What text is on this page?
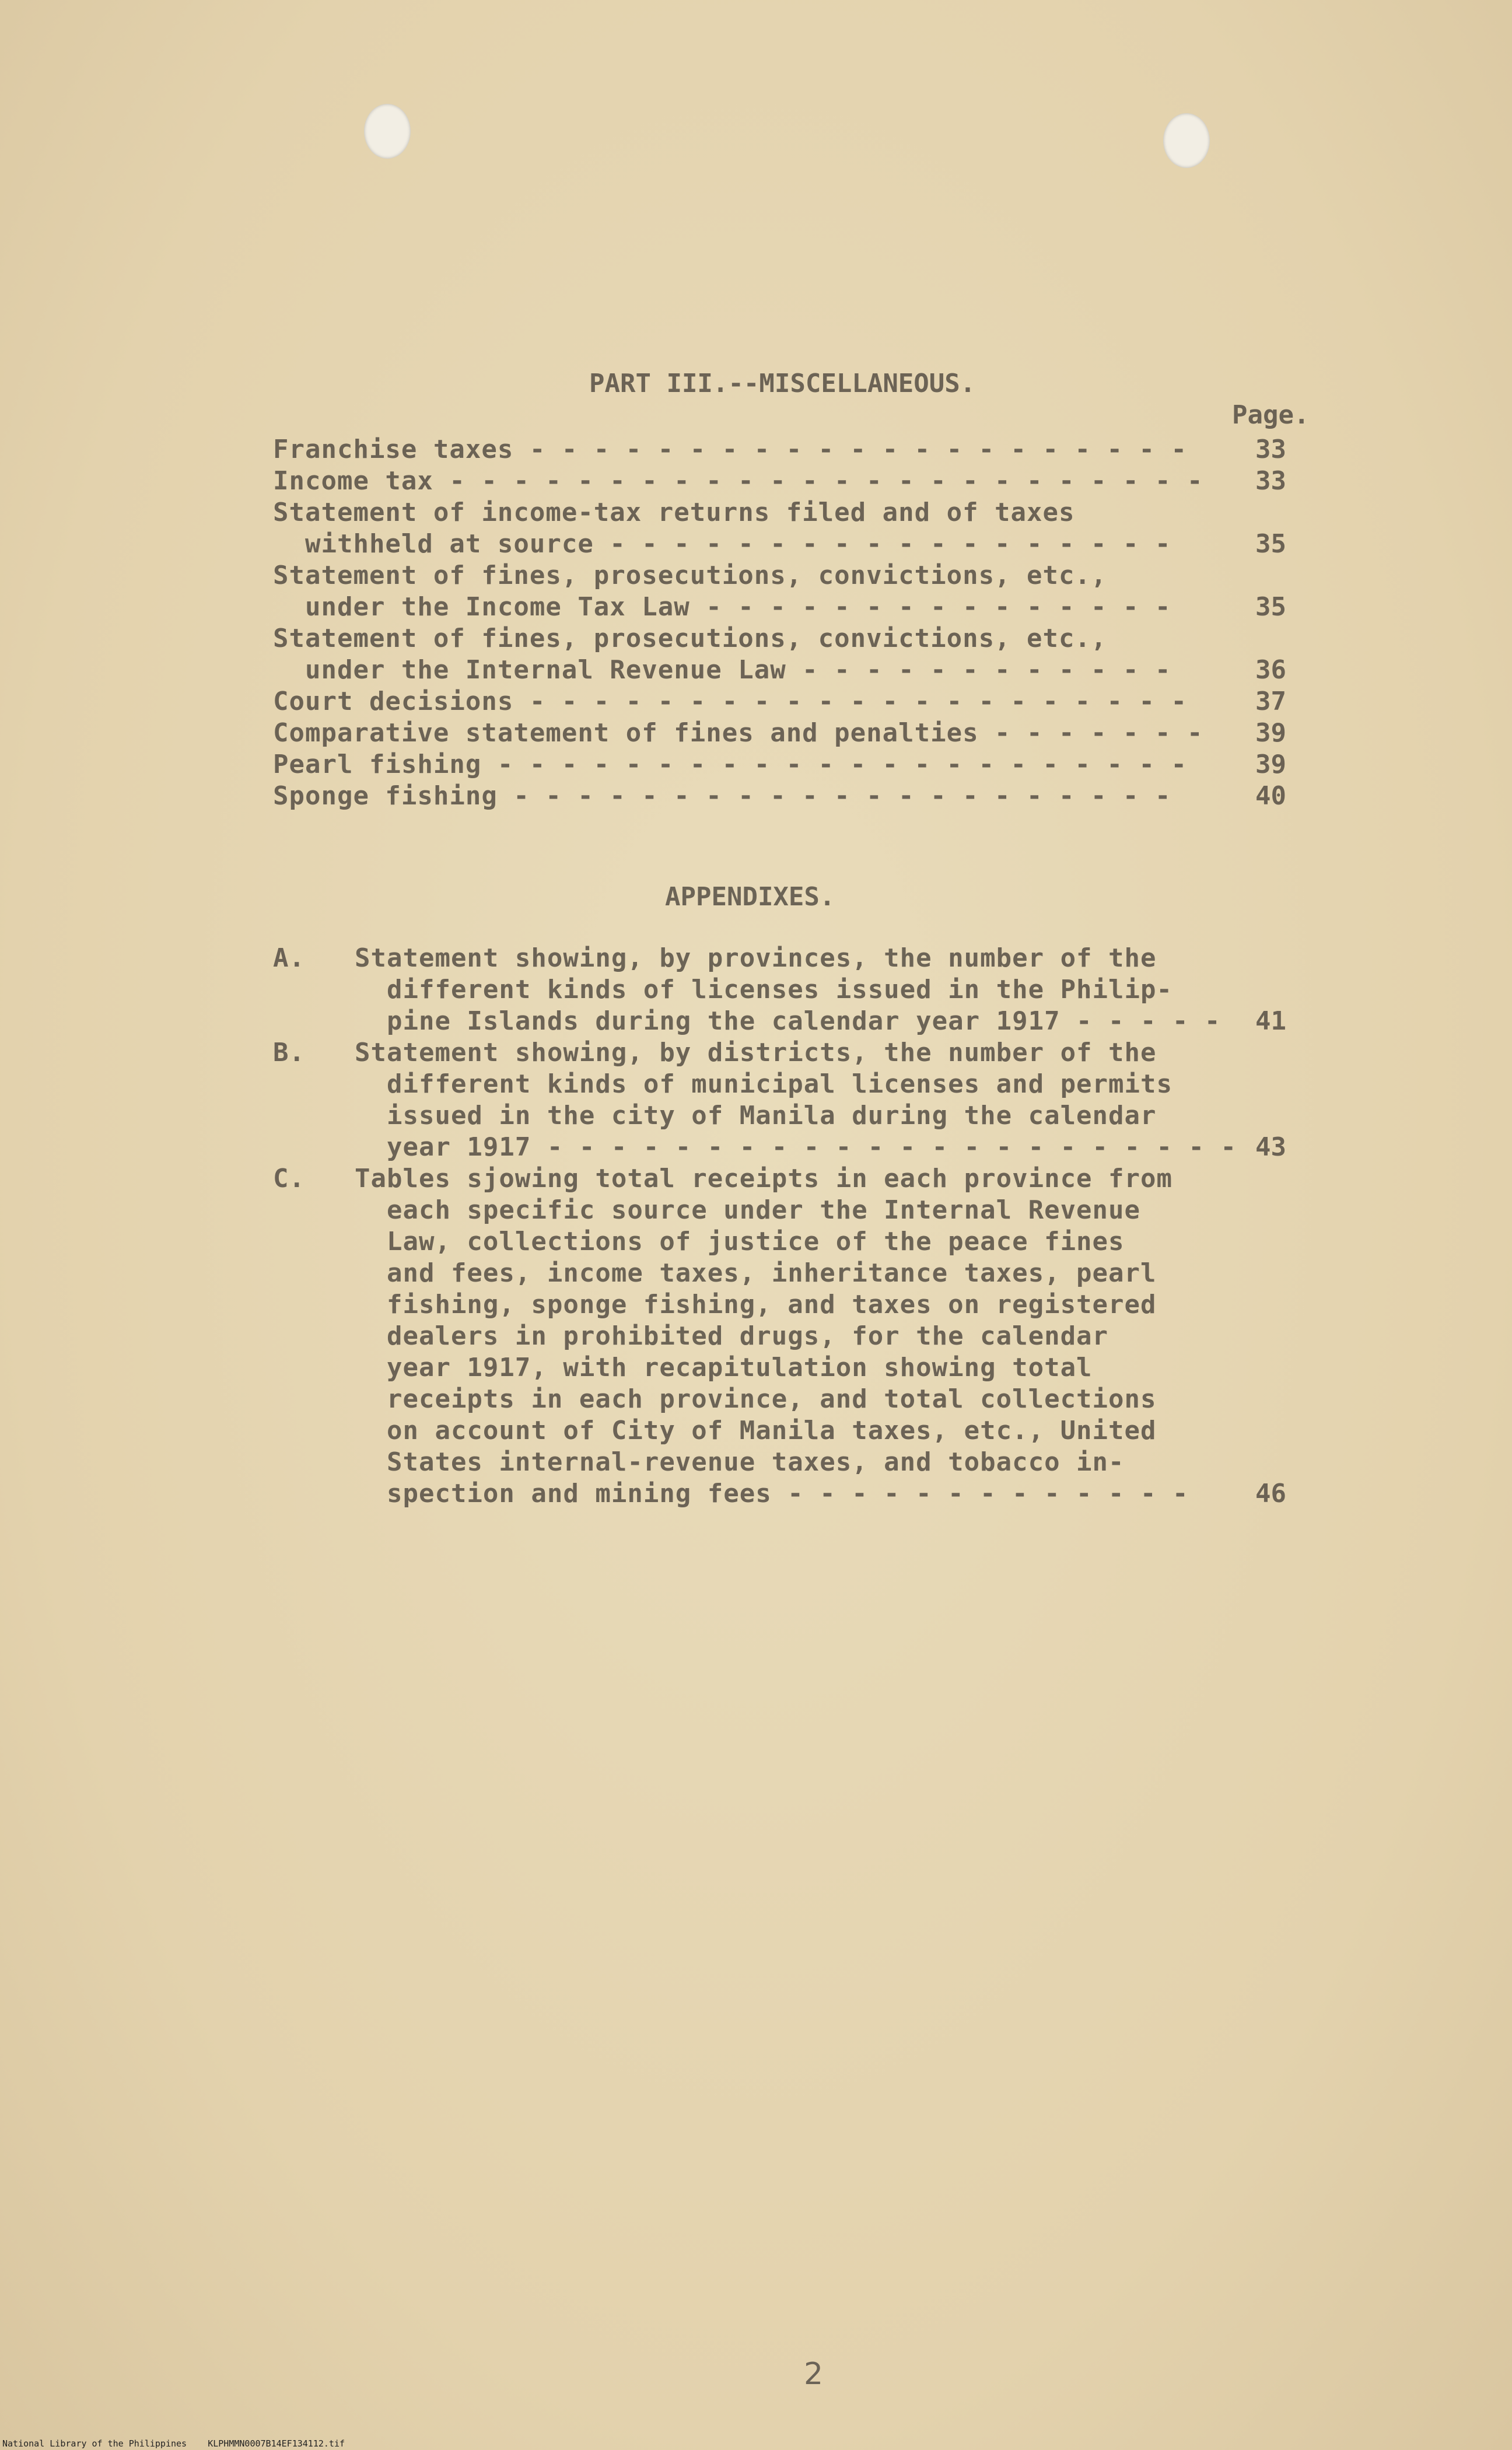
PART III.--MISCELLANEOUS.
Page.
Franchise taxes - - - - - - - - - - - - - - - - - - - - -	33
Income tax - - - - - - - - - - - - - - - - - - - - - - - -	33
Statement of income-tax returns filed and of taxes
withheld at source - - - - - - - - - - - - - - - - - -	35
Statement of fines, prosecutions, convictions, etc.,
under the Income Tax Law - - - - - - - - - - - - - - -	35
Statement of fines, prosecutions, convictions, etc.,
under the Internal Revenue Law - - - - - - - - - - - -	36
Court decisions - - - - - - - - - - - - - - - - - - - - -	37
Comparative statement of fines and penalties - - - - - - -	39
Pearl fishing - - - - - - - - - - - - - - - - - - - - - -	39
Sponge fishing - - - - - - - - - - - - - - - - - - - - -	40
APPENDIXES.
A. Statement showing, by provinces, the number of the
different kinds of licenses issued in the Philip-
pine Islands during the calendar year 1917 - - - - -	41
B. Statement showing, by districts, the number of the
different kinds of municipal licenses and permits
issued in the city of Manila during the calendar
year 1917 - - - - - - - - - - - - - - - - - - - - - - 43
C. Tables sjowing total receipts in each province from
each specific source under the Internal Revenue
Law, collections of justice of the peace fines
and fees, income taxes, inheritance taxes, pearl
fishing, sponge fishing, and taxes on registered
dealers in prohibited drugs, for the calendar
year 1917, with recapitulation showing total
receipts in each province, and total collections
on account of City of Manila taxes, etc., United
States internal-revenue taxes, and tobacco in-
spection and mining fees - - - - - - - - - - - - -	46
2
National Library of the Philippines    KLPHMMN0007B14EF134112.tif
